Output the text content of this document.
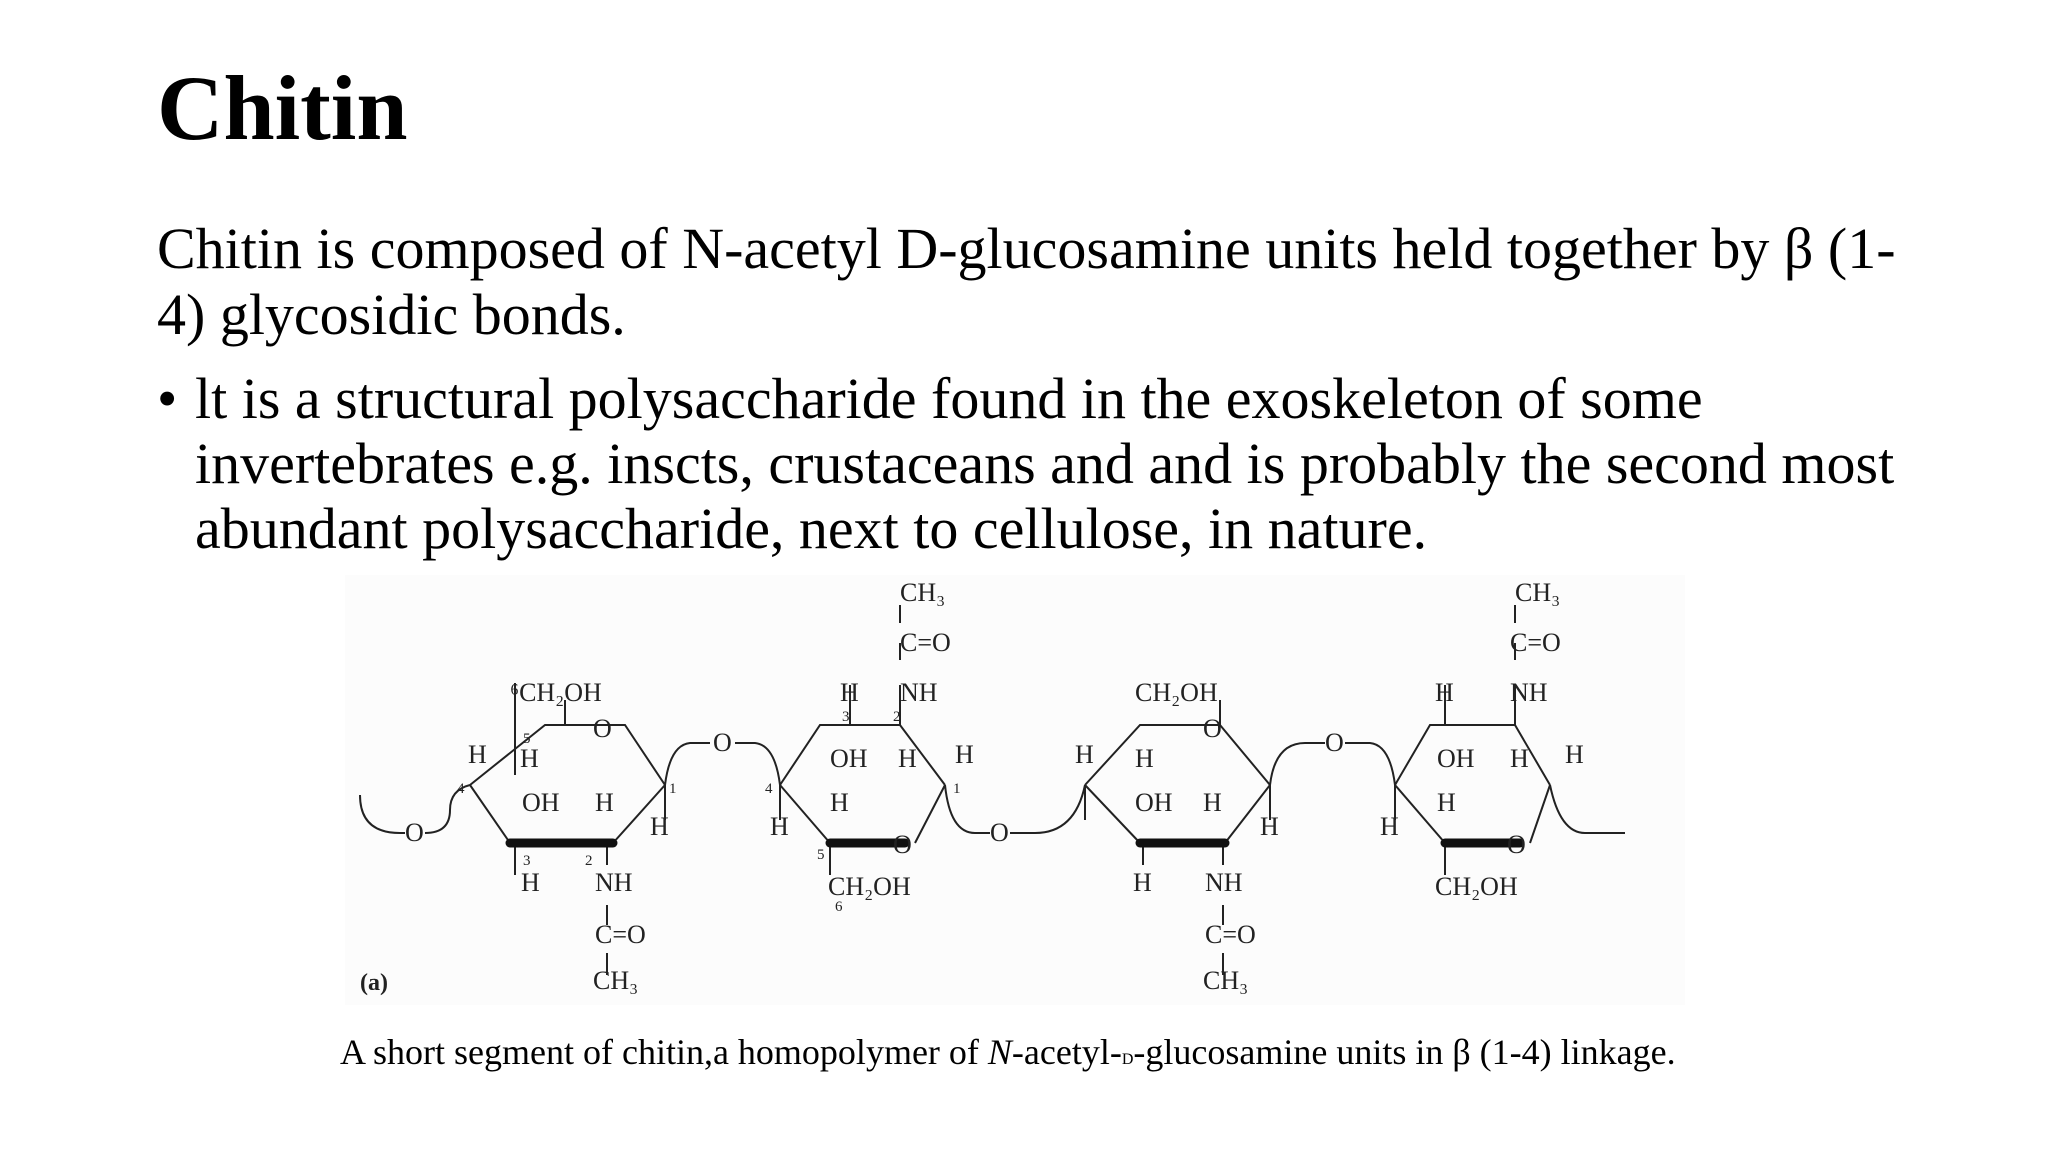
Chitin
Chitin is composed of N-acetyl D-glucosamine units held together by β (1-4) glycosidic bonds.
• lt is a structural polysaccharide found in the exoskeleton of some invertebrates e.g. inscts, crustaceans and and is probably the second most abundant polysaccharide, next to cellulose, in nature.
(a)
O
O
O
O
⁶CH₂OH
O
H H
OH H
H
H NH
C=O
CH₃
5
4	1
3	2
CH₃
C=O
H NH
OH H H
H
H
O
CH₂OH
3	2
4	1
5
6
CH₂OH
O
H H
OH H
H
H NH
C=O
CH₃
CH₃
C=O
H NH
OH H H
H
H
O
CH₂OH
A short segment of chitin,a homopolymer of N-acetyl-D-glucosamine units in β (1-4) linkage.
